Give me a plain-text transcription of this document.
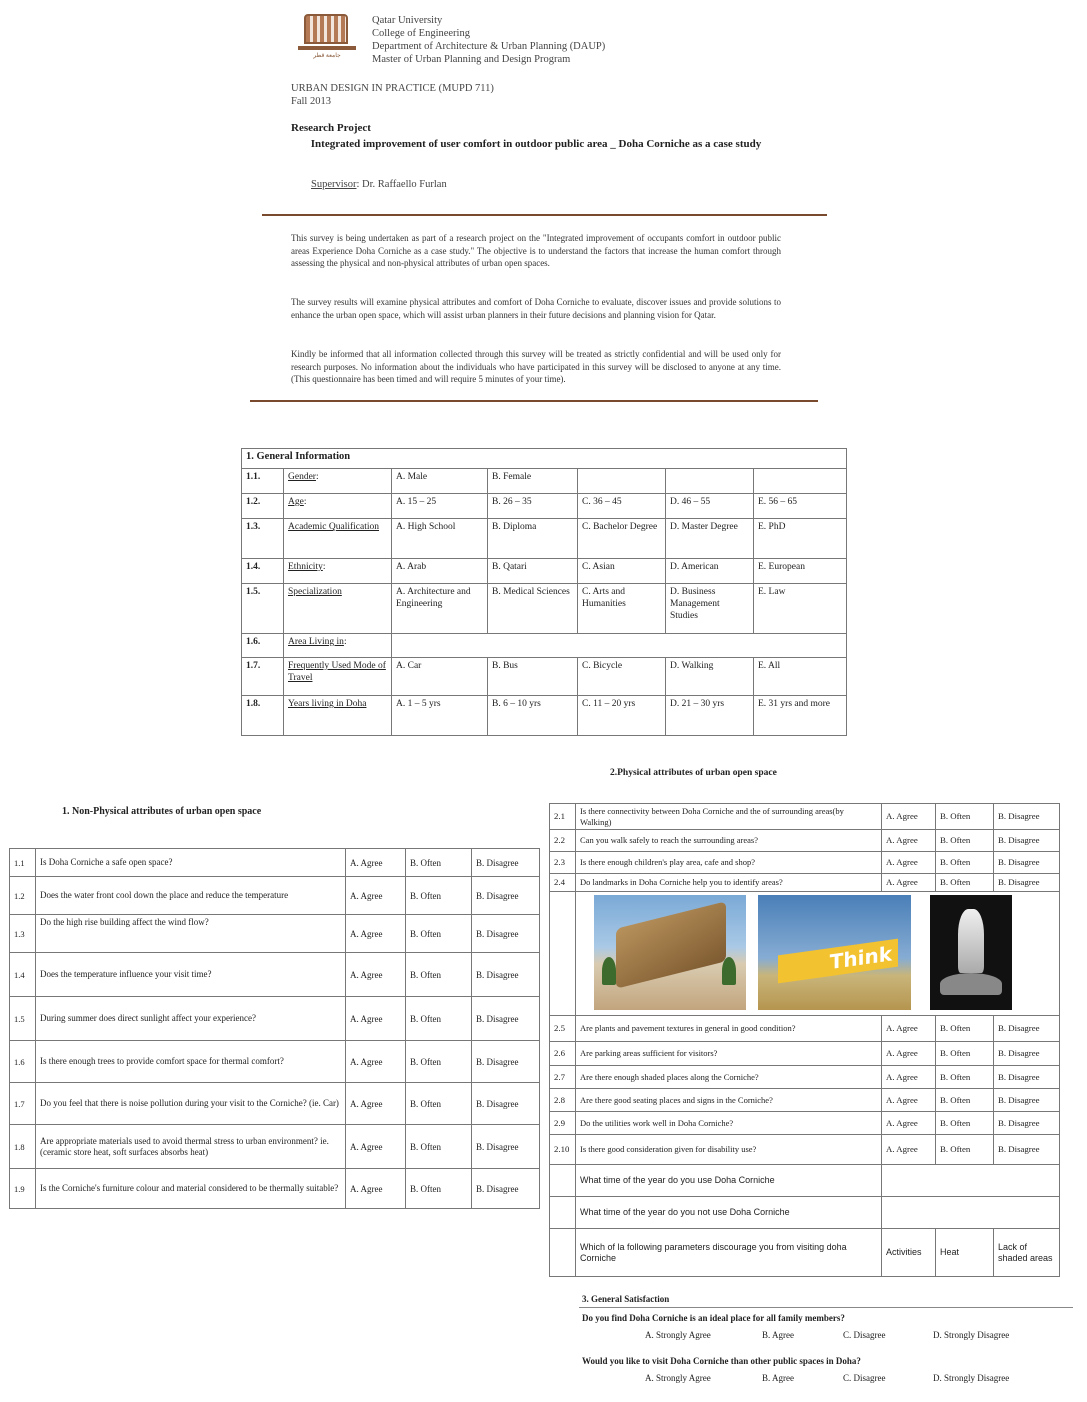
جامعة قطر
Qatar University
College of Engineering
Department of Architecture & Urban Planning (DAUP)
Master of Urban Planning and Design Program
URBAN DESIGN IN PRACTICE (MUPD 711)
Fall 2013
Research Project
Integrated improvement of user comfort in outdoor public area _ Doha Corniche as a case study
Supervisor: Dr. Raffaello Furlan
This survey is being undertaken as part of a research project on the "Integrated improvement of occupants comfort in outdoor public areas Experience Doha Corniche as a case study." The objective is to understand the factors that increase the human comfort through assessing the physical and non-physical attributes of urban open spaces.
The survey results will examine physical attributes and comfort of Doha Corniche to evaluate, discover issues and provide solutions to enhance the urban open space, which will assist urban planners in their future decisions and planning vision for Qatar.
Kindly be informed that all information collected through this survey will be treated as strictly confidential and will be used only for research purposes. No information about the individuals who have participated in this survey will be disclosed to anyone at any time. (This questionnaire has been timed and will require 5 minutes of your time).
1. General Information						
1.1.	Gender:	A. Male	B. Female			
1.2.	Age:	A. 15 – 25	B. 26 – 35	C. 36 – 45	D. 46 – 55	E. 56 – 65
1.3.	Academic Qualification	A. High School	B. Diploma	C. Bachelor Degree	D. Master Degree	E. PhD
1.4.	Ethnicity:	A. Arab	B. Qatari	C. Asian	D. American	E. European
1.5.	Specialization	A. Architecture and Engineering	B. Medical Sciences	C. Arts and Humanities	D. Business Management Studies	E. Law
1.6.	Area Living in:					
1.7.	Frequently Used Mode of Travel	A. Car	B. Bus	C. Bicycle	D. Walking	E. All
1.8.	Years living in Doha	A. 1 – 5 yrs	B. 6 – 10 yrs	C. 11 – 20 yrs	D. 21 – 30 yrs	E. 31 yrs and more
1. Non-Physical attributes of urban open space
1.1	Is Doha Corniche a safe open space?	A. Agree	B. Often	B. Disagree
1.2	Does the water front cool down the place and reduce the temperature	A. Agree	B. Often	B. Disagree
1.3	Do the high rise building affect the wind flow?	A. Agree	B. Often	B. Disagree
1.4	Does the temperature influence your visit time?	A. Agree	B. Often	B. Disagree
1.5	During summer does direct sunlight affect your experience?	A. Agree	B. Often	B. Disagree
1.6	Is there enough trees to provide comfort space for thermal comfort?	A. Agree	B. Often	B. Disagree
1.7	Do you feel that there is noise pollution during your visit to the Corniche? (ie. Car)	A. Agree	B. Often	B. Disagree
1.8	Are appropriate materials used to avoid thermal stress to urban environment? ie.(ceramic store heat, soft surfaces absorbs heat)	A. Agree	B. Often	B. Disagree
1.9	Is the Corniche's furniture colour and material considered to be thermally suitable?	A. Agree	B. Often	B. Disagree
2.Physical attributes of urban open space
2.1	Is there connectivity between Doha Corniche and the of surrounding areas(by Walking)	A. Agree	B. Often	B. Disagree
2.2	Can you walk safely to reach the surrounding areas?	A. Agree	B. Often	B. Disagree
2.3	Is there enough children's play area, cafe and shop?	A. Agree	B. Often	B. Disagree
2.4	Do landmarks in Doha Corniche help you to identify areas?	A. Agree	B. Often	B. Disagree

2.5	Are plants and pavement textures in general in good condition?	A. Agree	B. Often	B. Disagree
2.6	Are parking areas sufficient for visitors?	A. Agree	B. Often	B. Disagree
2.7	Are there enough shaded places along the Corniche?	A. Agree	B. Often	B. Disagree
2.8	Are there good seating places and signs in the Corniche?	A. Agree	B. Often	B. Disagree
2.9	Do the utilities work well in Doha Corniche?	A. Agree	B. Often	B. Disagree
2.10	Is there good consideration given for disability use?	A. Agree	B. Often	B. Disagree
	What time of the year do you use Doha Corniche			
	What time of the year do you not use Doha Corniche			
	Which of la following parameters discourage you from visiting doha Corniche	Activities	Heat	Lack of shaded areas
Think
3. General Satisfaction
Do you find Doha Corniche is an ideal place for all family members?
A. Strongly Agree	B. Agree	C. Disagree	D. Strongly Disagree
Would you like to visit Doha Corniche than other public spaces in Doha?
A. Strongly Agree	B. Agree	C. Disagree	D. Strongly Disagree
